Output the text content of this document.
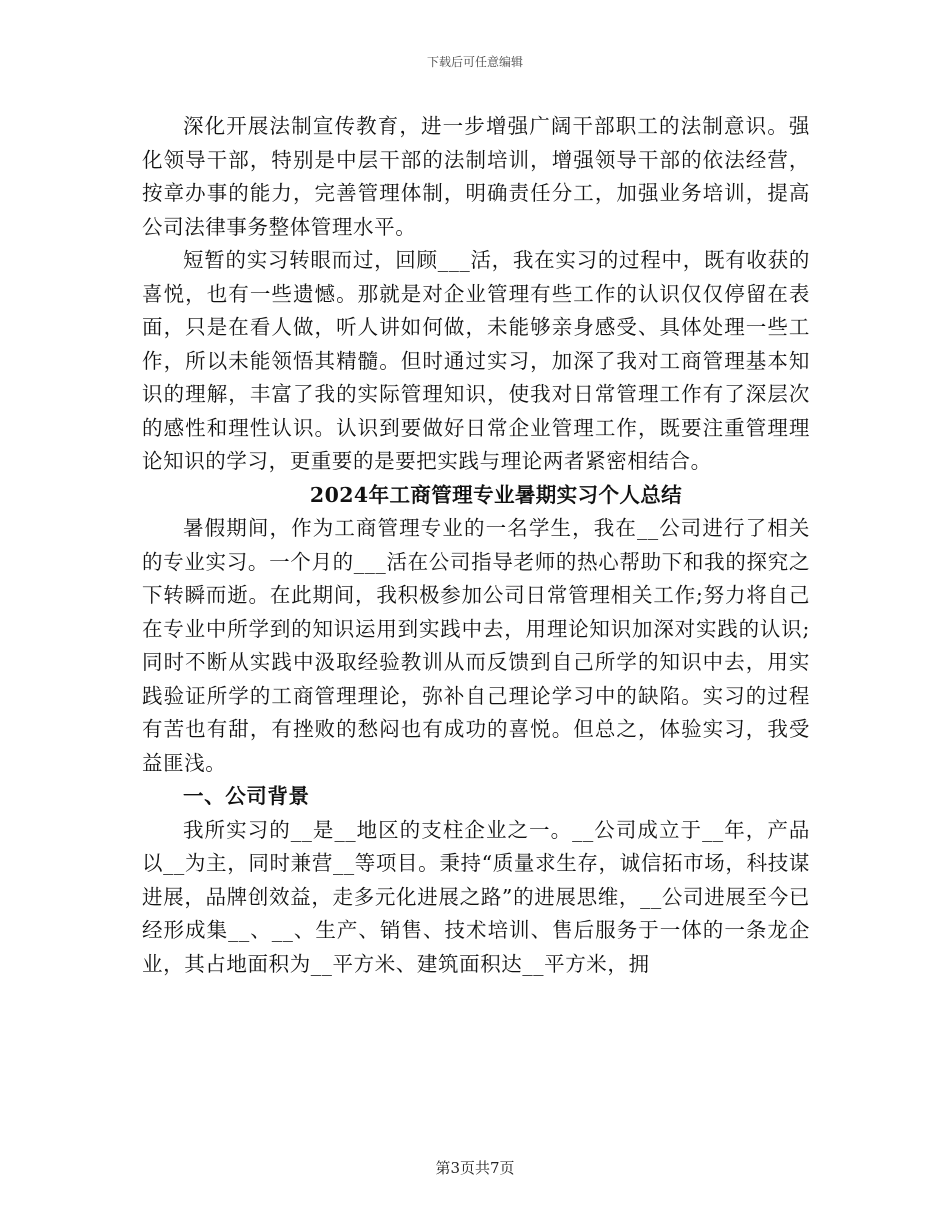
下载后可任意编辑

深化开展法制宣传教育，进一步增强广阔干部职工的法制意识。强化领导干部，特别是中层干部的法制培训，增强领导干部的依法经营，按章办事的能力，完善管理体制，明确责任分工，加强业务培训，提高公司法律事务整体管理水平。

短暂的实习转眼而过，回顾___活，我在实习的过程中，既有收获的喜悦，也有一些遗憾。那就是对企业管理有些工作的认识仅仅停留在表面，只是在看人做，听人讲如何做，未能够亲身感受、具体处理一些工作，所以未能领悟其精髓。但时通过实习，加深了我对工商管理基本知识的理解，丰富了我的实际管理知识，使我对日常管理工作有了深层次的感性和理性认识。认识到要做好日常企业管理工作，既要注重管理理论知识的学习，更重要的是要把实践与理论两者紧密相结合。

2024年工商管理专业暑期实习个人总结

暑假期间，作为工商管理专业的一名学生，我在__公司进行了相关的专业实习。一个月的___活在公司指导老师的热心帮助下和我的探究之下转瞬而逝。在此期间，我积极参加公司日常管理相关工作;努力将自己在专业中所学到的知识运用到实践中去，用理论知识加深对实践的认识;同时不断从实践中汲取经验教训从而反馈到自己所学的知识中去，用实践验证所学的工商管理理论，弥补自己理论学习中的缺陷。实习的过程有苦也有甜，有挫败的愁闷也有成功的喜悦。但总之，体验实习，我受益匪浅。

一、公司背景

我所实习的__是__地区的支柱企业之一。__公司成立于__年，产品以__为主，同时兼营__等项目。秉持“质量求生存，诚信拓市场，科技谋进展，品牌创效益，走多元化进展之路”的进展思维，__公司进展至今已经形成集__、__、生产、销售、技术培训、售后服务于一体的一条龙企业，其占地面积为__平方米、建筑面积达__平方米，拥

第3页共7页
